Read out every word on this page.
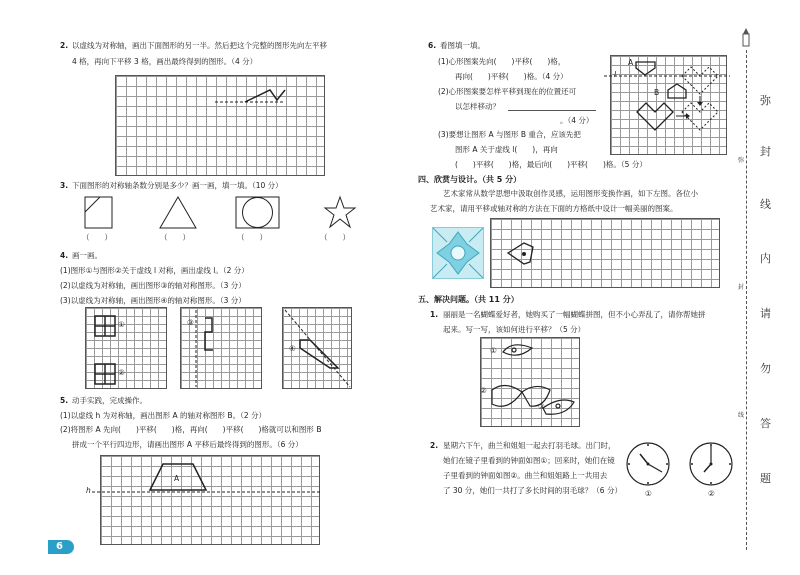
6
2. 以虚线为对称轴，画出下面图形的另一半。然后把这个完整的图形先向左平移
4 格，再向下平移 3 格，画出最终得到的图形。（4 分）
3. 下面图形的对称轴条数分别是多少？画一画，填一填。（10 分）
（　　）	（　　）	（　　）	（　　）
4. 画一画。
(1)图形①与图形②关于虚线 l 对称，画出虚线 l。（2 分）
(2)以虚线为对称轴，画出图形③的轴对称图形。（3 分）
(3)以虚线为对称轴，画出图形④的轴对称图形。（3 分）
①
②
③
④
5. 动手实践，完成操作。
(1)以虚线 h 为对称轴，画出图形 A 的轴对称图形 B。（2 分）
(2)将图形 A 先向(　　)平移(　　)格，再向(　　)平移(　　)格就可以和图形 B
拼成一个平行四边形，请画出图形 A 平移后最终得到的图形。（6 分）
A
h
6. 看图填一填。
(1)心形图案先向(　　)平移(　　)格，
再向(　　)平移(　　)格。（4 分）
(2)心形图案要怎样平移到现在的位置还可
以怎样移动？
。（4 分）
(3)要想让图形 A 与图形 B 重合，应该先把
图形 A 关于虚线 l(　　)，再向
(　　)平移(　　)格，最后向(　　)平移(　　)格。（5 分）
A
B
l
四、欣赏与设计。（共 5 分）
艺术家常从数学思想中汲取创作灵感，运用图形变换作画，如下左图。各位小
艺术家，请用平移或轴对称的方法在下面的方格纸中设计一幅美丽的图案。
五、解决问题。（共 11 分）
1. 丽丽是一名蝴蝶爱好者，她购买了一幅蝴蝶拼图，但不小心弄乱了，请你帮她拼
起来。写一写，该如何进行平移？（5 分）
①
②
③
2. 星期六下午，曲兰和姐姐一起去打羽毛球。出门时，
她们在镜子里看到的钟面如图①；回来时，她们在镜
子里看到的钟面如图②。曲兰和姐姐路上一共用去
了 30 分，她们一共打了多长时间的羽毛球？（6 分）	①	②
弥
封
线
内
请
勿
答
题
弥
封
线
